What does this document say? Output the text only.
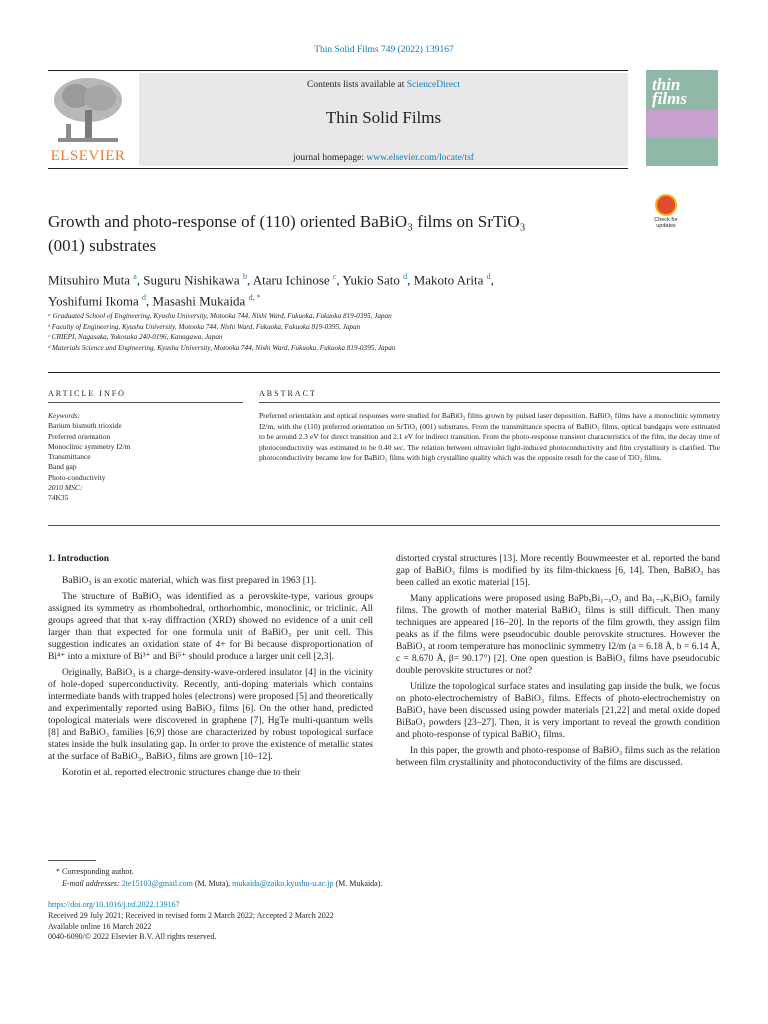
Thin Solid Films 749 (2022) 139167
ELSEVIER
Contents lists available at ScienceDirect
Thin Solid Films
journal homepage: www.elsevier.com/locate/tsf
thin films
Check for updates
Growth and photo-response of (110) oriented BaBiO₃ films on SrTiO₃
(001) substrates
Mitsuhiro Muta $^a$, Suguru Nishikawa $^b$, Ataru Ichinose $^c$, Yukio Sato $^d$, Makoto Arita $^d$,
Yoshifumi Ikoma $^d$, Masashi Mukaida $^{d, *}$
ᵃ Graduated School of Engineering, Kyushu University, Motooka 744, Nishi Ward, Fukuoka, Fukuoka 819-0395, Japan
ᵇ Faculty of Engineering, Kyushu University, Motooka 744, Nishi Ward, Fukuoka, Fukuoka 819-0395, Japan
ᶜ CRIEPI, Nagasaka, Yokosuka 240-0196, Kanagawa, Japan
ᵈ Materials Science and Engineering, Kyushu University, Motooka 744, Nishi Ward, Fukuoka, Fukuoka 819-0395, Japan
ARTICLE INFO	ABSTRACT
Keywords:
Barium bismuth trioxide
Preferred orientation
Monoclinic symmetry I2/m
Transmittance
Band gap
Photo-conductivity
2010 MSC:
74K35
Preferred orientation and optical responses were studied for BaBiO₃ films grown by pulsed laser deposition. BaBiO₃ films have a monoclinic symmetry I2/m, with the (110) preferred orientation on SrTiO₃ (001) substrates. From the transmittance spectra of BaBiO₃ films, optical bandgaps were estimated to be around 2.3 eV for direct transition and 2.1 eV for indirect transition. From the photo-response transient characteristics of the film, the decay time of photoconductivity was estimated to be 0.40 sec. The relation between ultraviolet light-induced photoconductivity and film crystallinity is clarified. The photoconductivity became low for BaBiO₃ films with high crystalline quality which was the opposite result for the case of TiO₂ films.

1. Introduction

BaBiO₃ is an exotic material, which was first prepared in 1963 [1].

The structure of BaBiO₃ was identified as a perovskite-type, various groups assigned its symmetry as rhombohedral, orthorhombic, monoclinic, or triclinic. All groups agreed that that x-ray diffraction (XRD) showed no evidence of a unit cell larger than that expected for one formula unit of BaBiO₃ per unit cell. This suggestion indicates an oxidation state of 4+ for Bi because disproportionation of Bi⁴⁺ into a mixture of Bi³⁺ and Bi⁵⁺ should produce a larger unit cell [2,3].

Originally, BaBiO₃ is a charge-density-wave-ordered insulator [4] in the vicinity of hole-doped superconductivity. Recently, anti-doping materials which contains intermediate bands with trapped holes (electrons) were proposed [5] and theoretically and experimentally reported using BaBiO₃ films [6]. On the other hand, predicted topological materials were discovered in graphene [7], HgTe multi-quantum wells [8] and BaBiO₃ families [6,9] those are characterized by robust topological surface states inside the bulk insulating gap. In order to prove the existence of metallic states at the surface of BaBiO₃, BaBiO₃ films are grown [10–12].

Korotin et al. reported electronic structures change due to their

distorted crystal structures [13]. More recently Bouwmeester et al. reported the band gap of BaBiO₃ films is modified by its film-thickness [6, 14]. Then, BaBiO₃ has been called an exotic material [15].

Many applications were proposed using BaPbₓBi₁₋ₓO₃ and Ba₁₋ₓKₓBiO₃ family films. The growth of mother material BaBiO₃ films is still difficult. Then many techniques are appeared [16–20]. In the reports of the film growth, they assign film peaks as if the films were pseudocubic double perovskite structures. However the BaBiO₃ at room temperature has monoclinic symmetry I2/m (a = 6.18 Å, b = 6.14 Å, c = 8.670 Å, β= 90.17°) [2]. One open question is BaBiO₃ films have pseudocubic double perovskite structures or not?

Utilize the topological surface states and insulating gap inside the bulk, we focus on photo-electrochemistry of BaBiO₃ films. Effects of photo-electrochemistry on BaBiO₃ have been discussed using powder materials [21,22] and metal oxide doped BiBaO₃ powders [23–27]. Then, it is very important to reveal the growth condition and photo-response of typical BaBiO₃ films.

In this paper, the growth and photo-response of BaBiO₃ films such as the relation between film crystallinity and photoconductivity of the films are discussed.

* Corresponding author.
E-mail addresses: 2te15103@gmail.com (M. Muta), mukaida@zaiko.kyushu-u.ac.jp (M. Mukaida).
https://doi.org/10.1016/j.tsf.2022.139167
Received 29 July 2021; Received in revised form 2 March 2022; Accepted 2 March 2022
Available online 16 March 2022
0040-6090/© 2022 Elsevier B.V. All rights reserved.
